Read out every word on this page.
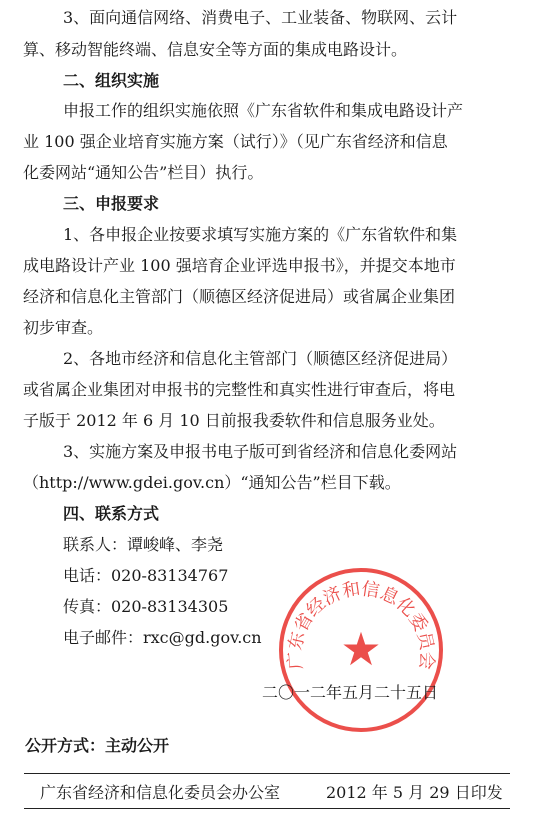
3、面向通信网络、消费电子、工业装备、物联网、云计
算、移动智能终端、信息安全等方面的集成电路设计。
二、组织实施
申报工作的组织实施依照《广东省软件和集成电路设计产
业 100 强企业培育实施方案（试行）》（见广东省经济和信息
化委网站“通知公告”栏目）执行。
三、申报要求
1、各申报企业按要求填写实施方案的《广东省软件和集
成电路设计产业 100 强培育企业评选申报书》，并提交本地市
经济和信息化主管部门（顺德区经济促进局）或省属企业集团
初步审查。
2、各地市经济和信息化主管部门（顺德区经济促进局）
或省属企业集团对申报书的完整性和真实性进行审查后，将电
子版于 2012 年 6 月 10 日前报我委软件和信息服务业处。
3、实施方案及申报书电子版可到省经济和信息化委网站
（http://www.gdei.gov.cn）“通知公告”栏目下载。
四、联系方式
联系人：谭峻峰、李尧
电话：020-83134767
传真：020-83134305
电子邮件：rxc@gd.gov.cn
广东省经济和信息化委员会
★
二〇一二年五月二十五日
公开方式：主动公开
广东省经济和信息化委员会办公室	2012 年 5 月 29 日印发
